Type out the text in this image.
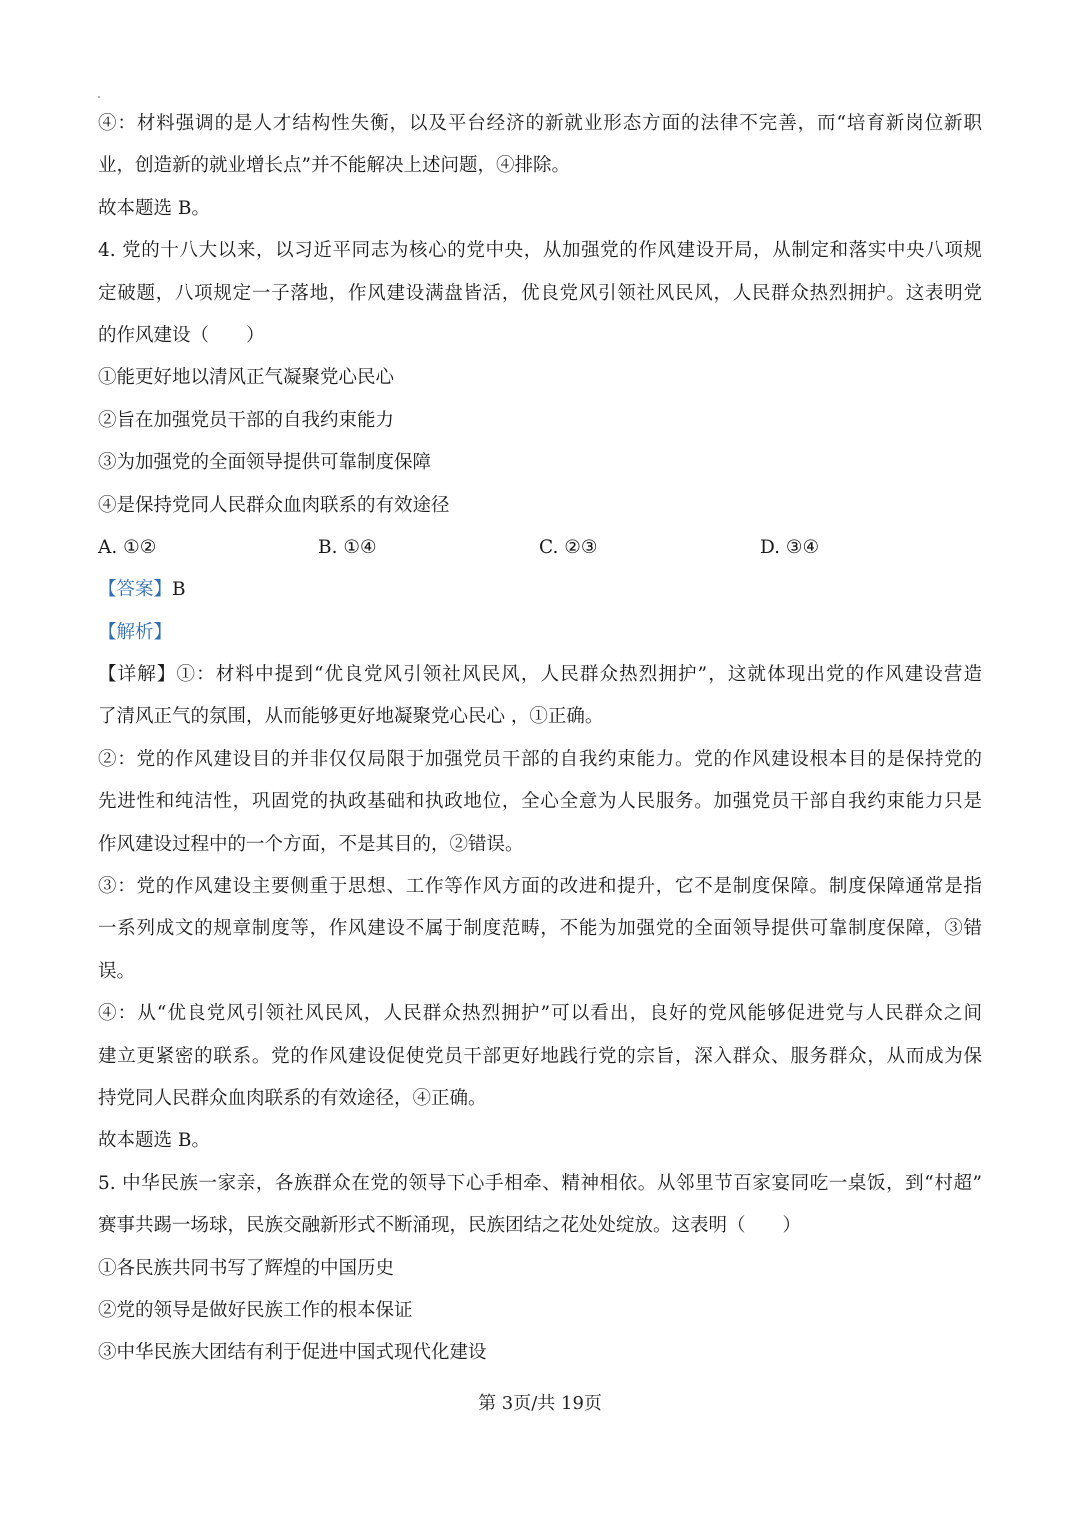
④：材料强调的是人才结构性失衡，以及平台经济的新就业形态方面的法律不完善，而“培育新岗位新职
业，创造新的就业增长点”并不能解决上述问题，④排除。
故本题选 B。
4. 党的十八大以来，以习近平同志为核心的党中央，从加强党的作风建设开局，从制定和落实中央八项规
定破题，八项规定一子落地，作风建设满盘皆活，优良党风引领社风民风，人民群众热烈拥护。这表明党
的作风建设（　　）
①能更好地以清风正气凝聚党心民心
②旨在加强党员干部的自我约束能力
③为加强党的全面领导提供可靠制度保障
④是保持党同人民群众血肉联系的有效途径
A. ①②	B. ①④	C. ②③	D. ③④
【答案】B
【解析】
【详解】①：材料中提到“优良党风引领社风民风，人民群众热烈拥护”，这就体现出党的作风建设营造
了清风正气的氛围，从而能够更好地凝聚党心民心 ，①正确。
②：党的作风建设目的并非仅仅局限于加强党员干部的自我约束能力。党的作风建设根本目的是保持党的
先进性和纯洁性，巩固党的执政基础和执政地位，全心全意为人民服务。加强党员干部自我约束能力只是
作风建设过程中的一个方面，不是其目的，②错误。
③：党的作风建设主要侧重于思想、工作等作风方面的改进和提升，它不是制度保障。制度保障通常是指
一系列成文的规章制度等，作风建设不属于制度范畴，不能为加强党的全面领导提供可靠制度保障，③错
误。
④：从“优良党风引领社风民风，人民群众热烈拥护”可以看出，良好的党风能够促进党与人民群众之间
建立更紧密的联系。党的作风建设促使党员干部更好地践行党的宗旨，深入群众、服务群众，从而成为保
持党同人民群众血肉联系的有效途径，④正确。
故本题选 B。
5. 中华民族一家亲，各族群众在党的领导下心手相牵、精神相依。从邻里节百家宴同吃一桌饭，到“村超”
赛事共踢一场球，民族交融新形式不断涌现，民族团结之花处处绽放。这表明（　　）
①各民族共同书写了辉煌的中国历史
②党的领导是做好民族工作的根本保证
③中华民族大团结有利于促进中国式现代化建设
第 3页/共 19页
